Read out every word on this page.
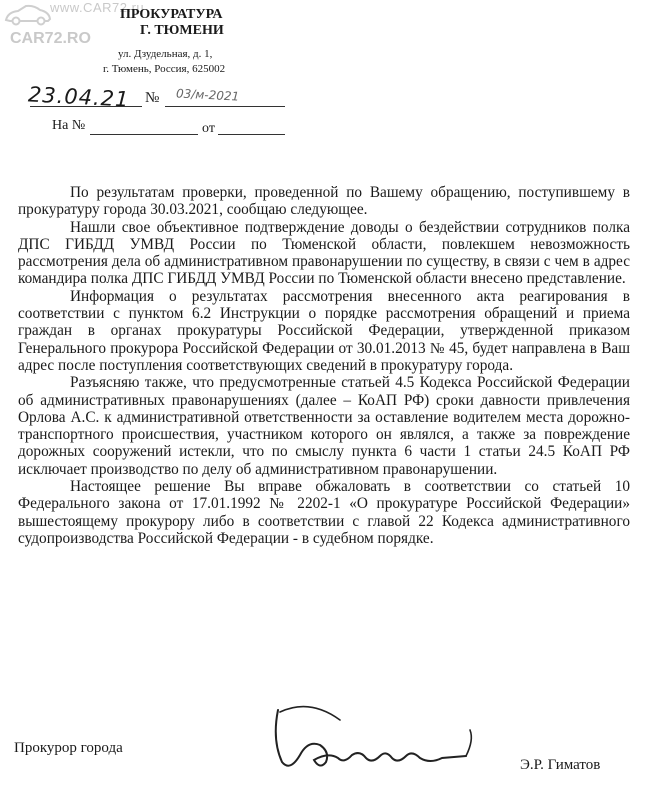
www.CAR72.ru
CAR72.RO
ПРОКУРАТУРА
Г. ТЮМЕНИ
ул. Дзудельная, д. 1,
г. Тюмень, Россия, 625002
23.04.21 № 03/м-2021
На №	от

По результатам проверки, проведенной по Вашему обращению, поступившему в прокуратуру города 30.03.2021, сообщаю следующее.

Нашли свое объективное подтверждение доводы о бездействии сотрудников полка ДПС ГИБДД УМВД России по Тюменской области, повлекшем невозможность рассмотрения дела об административном правонарушении по существу, в связи с чем в адрес командира полка ДПС ГИБДД УМВД России по Тюменской области внесено представление.

Информация о результатах рассмотрения внесенного акта реагирования в соответствии с пунктом 6.2 Инструкции о порядке рассмотрения обращений и приема граждан в органах прокуратуры Российской Федерации, утвержденной приказом Генерального прокурора Российской Федерации от 30.01.2013 № 45, будет направлена в Ваш адрес после поступления соответствующих сведений в прокуратуру города.

Разъясняю также, что предусмотренные статьей 4.5 Кодекса Российской Федерации об административных правонарушениях (далее – КоАП РФ) сроки давности привлечения Орлова А.С. к административной ответственности за оставление водителем места дорожно-транспортного происшествия, участником которого он являлся, а также за повреждение дорожных сооружений истекли, что по смыслу пункта 6 части 1 статьи 24.5 КоАП РФ исключает производство по делу об административном правонарушении.

Настоящее решение Вы вправе обжаловать в соответствии со статьей 10 Федерального закона от 17.01.1992 № 2202-1 «О прокуратуре Российской Федерации» вышестоящему прокурору либо в соответствии с главой 22 Кодекса административного судопроизводства Российской Федерации - в судебном порядке.

Прокурор города
Э.Р. Гиматов
